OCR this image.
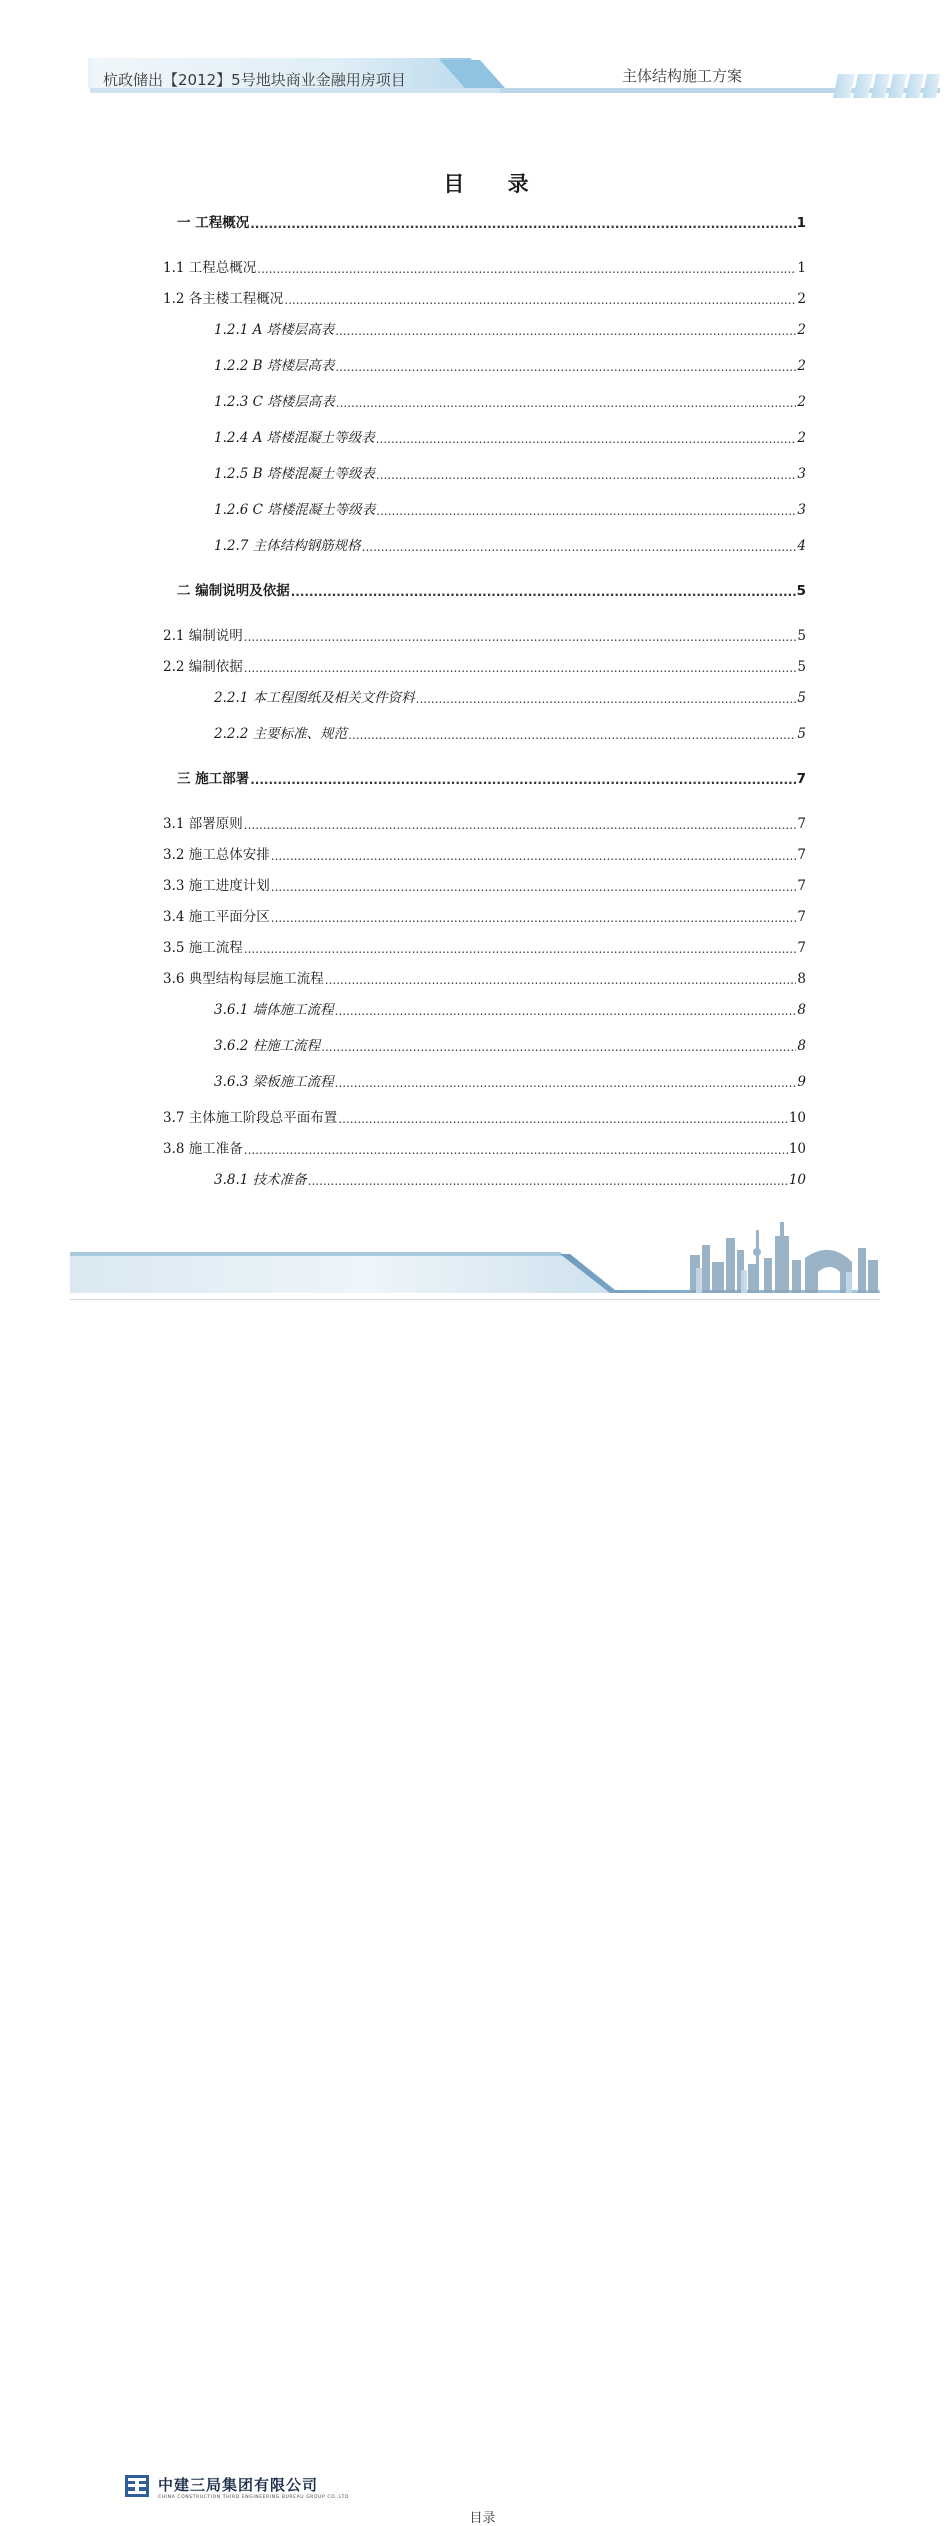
杭政储出【2012】5号地块商业金融用房项目	主体结构施工方案
目 录
一 工程概况 .....	1
1.1 工程总概况 .....	1
1.2 各主楼工程概况 .....	2
1.2.1 A 塔楼层高表 .....	2
1.2.2 B 塔楼层高表 .....	2
1.2.3 C 塔楼层高表 .....	2
1.2.4 A 塔楼混凝土等级表 .....	2
1.2.5 B 塔楼混凝土等级表 .....	3
1.2.6 C 塔楼混凝土等级表 .....	3
1.2.7 主体结构钢筋规格 .....	4
二 编制说明及依据 .....	5
2.1 编制说明 .....	5
2.2 编制依据 .....	5
2.2.1 本工程图纸及相关文件资料 .....	5
2.2.2 主要标准、规范 .....	5
三 施工部署 .....	7
3.1 部署原则 .....	7
3.2 施工总体安排 .....	7
3.3 施工进度计划 .....	7
3.4 施工平面分区 .....	7
3.5 施工流程 .....	7
3.6 典型结构每层施工流程 .....	8
3.6.1 墙体施工流程 .....	8
3.6.2 柱施工流程 .....	8
3.6.3 梁板施工流程 .....	9
3.7 主体施工阶段总平面布置 .....	10
3.8 施工准备 .....	10
3.8.1 技术准备 .....	10
中建三局集团有限公司
CHINA CONSTRUCTION THIRD ENGINEERING BUREAU GROUP CO.,LTD
目录
